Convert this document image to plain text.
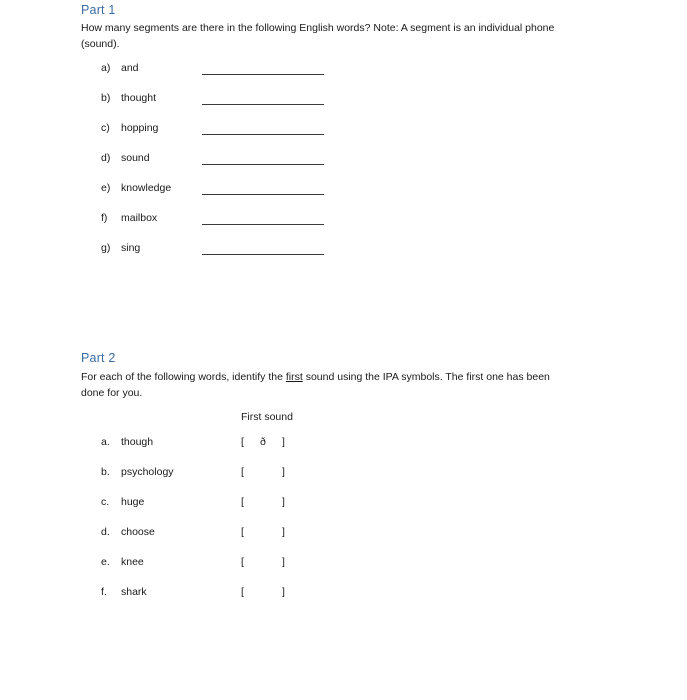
Part 1
How many segments are there in the following English words? Note: A segment is an individual phone
(sound).
a)	and
b)	thought
c)	hopping
d)	sound
e)	knowledge
f)	mailbox
g)	sing
Part 2
For each of the following words, identify the first sound using the IPA symbols. The first one has been
done for you.
First sound
a.	though	[ ð ]
b.	psychology	[	]
c.	huge	[	]
d.	choose	[	]
e.	knee	[	]
f.	shark	[	]
